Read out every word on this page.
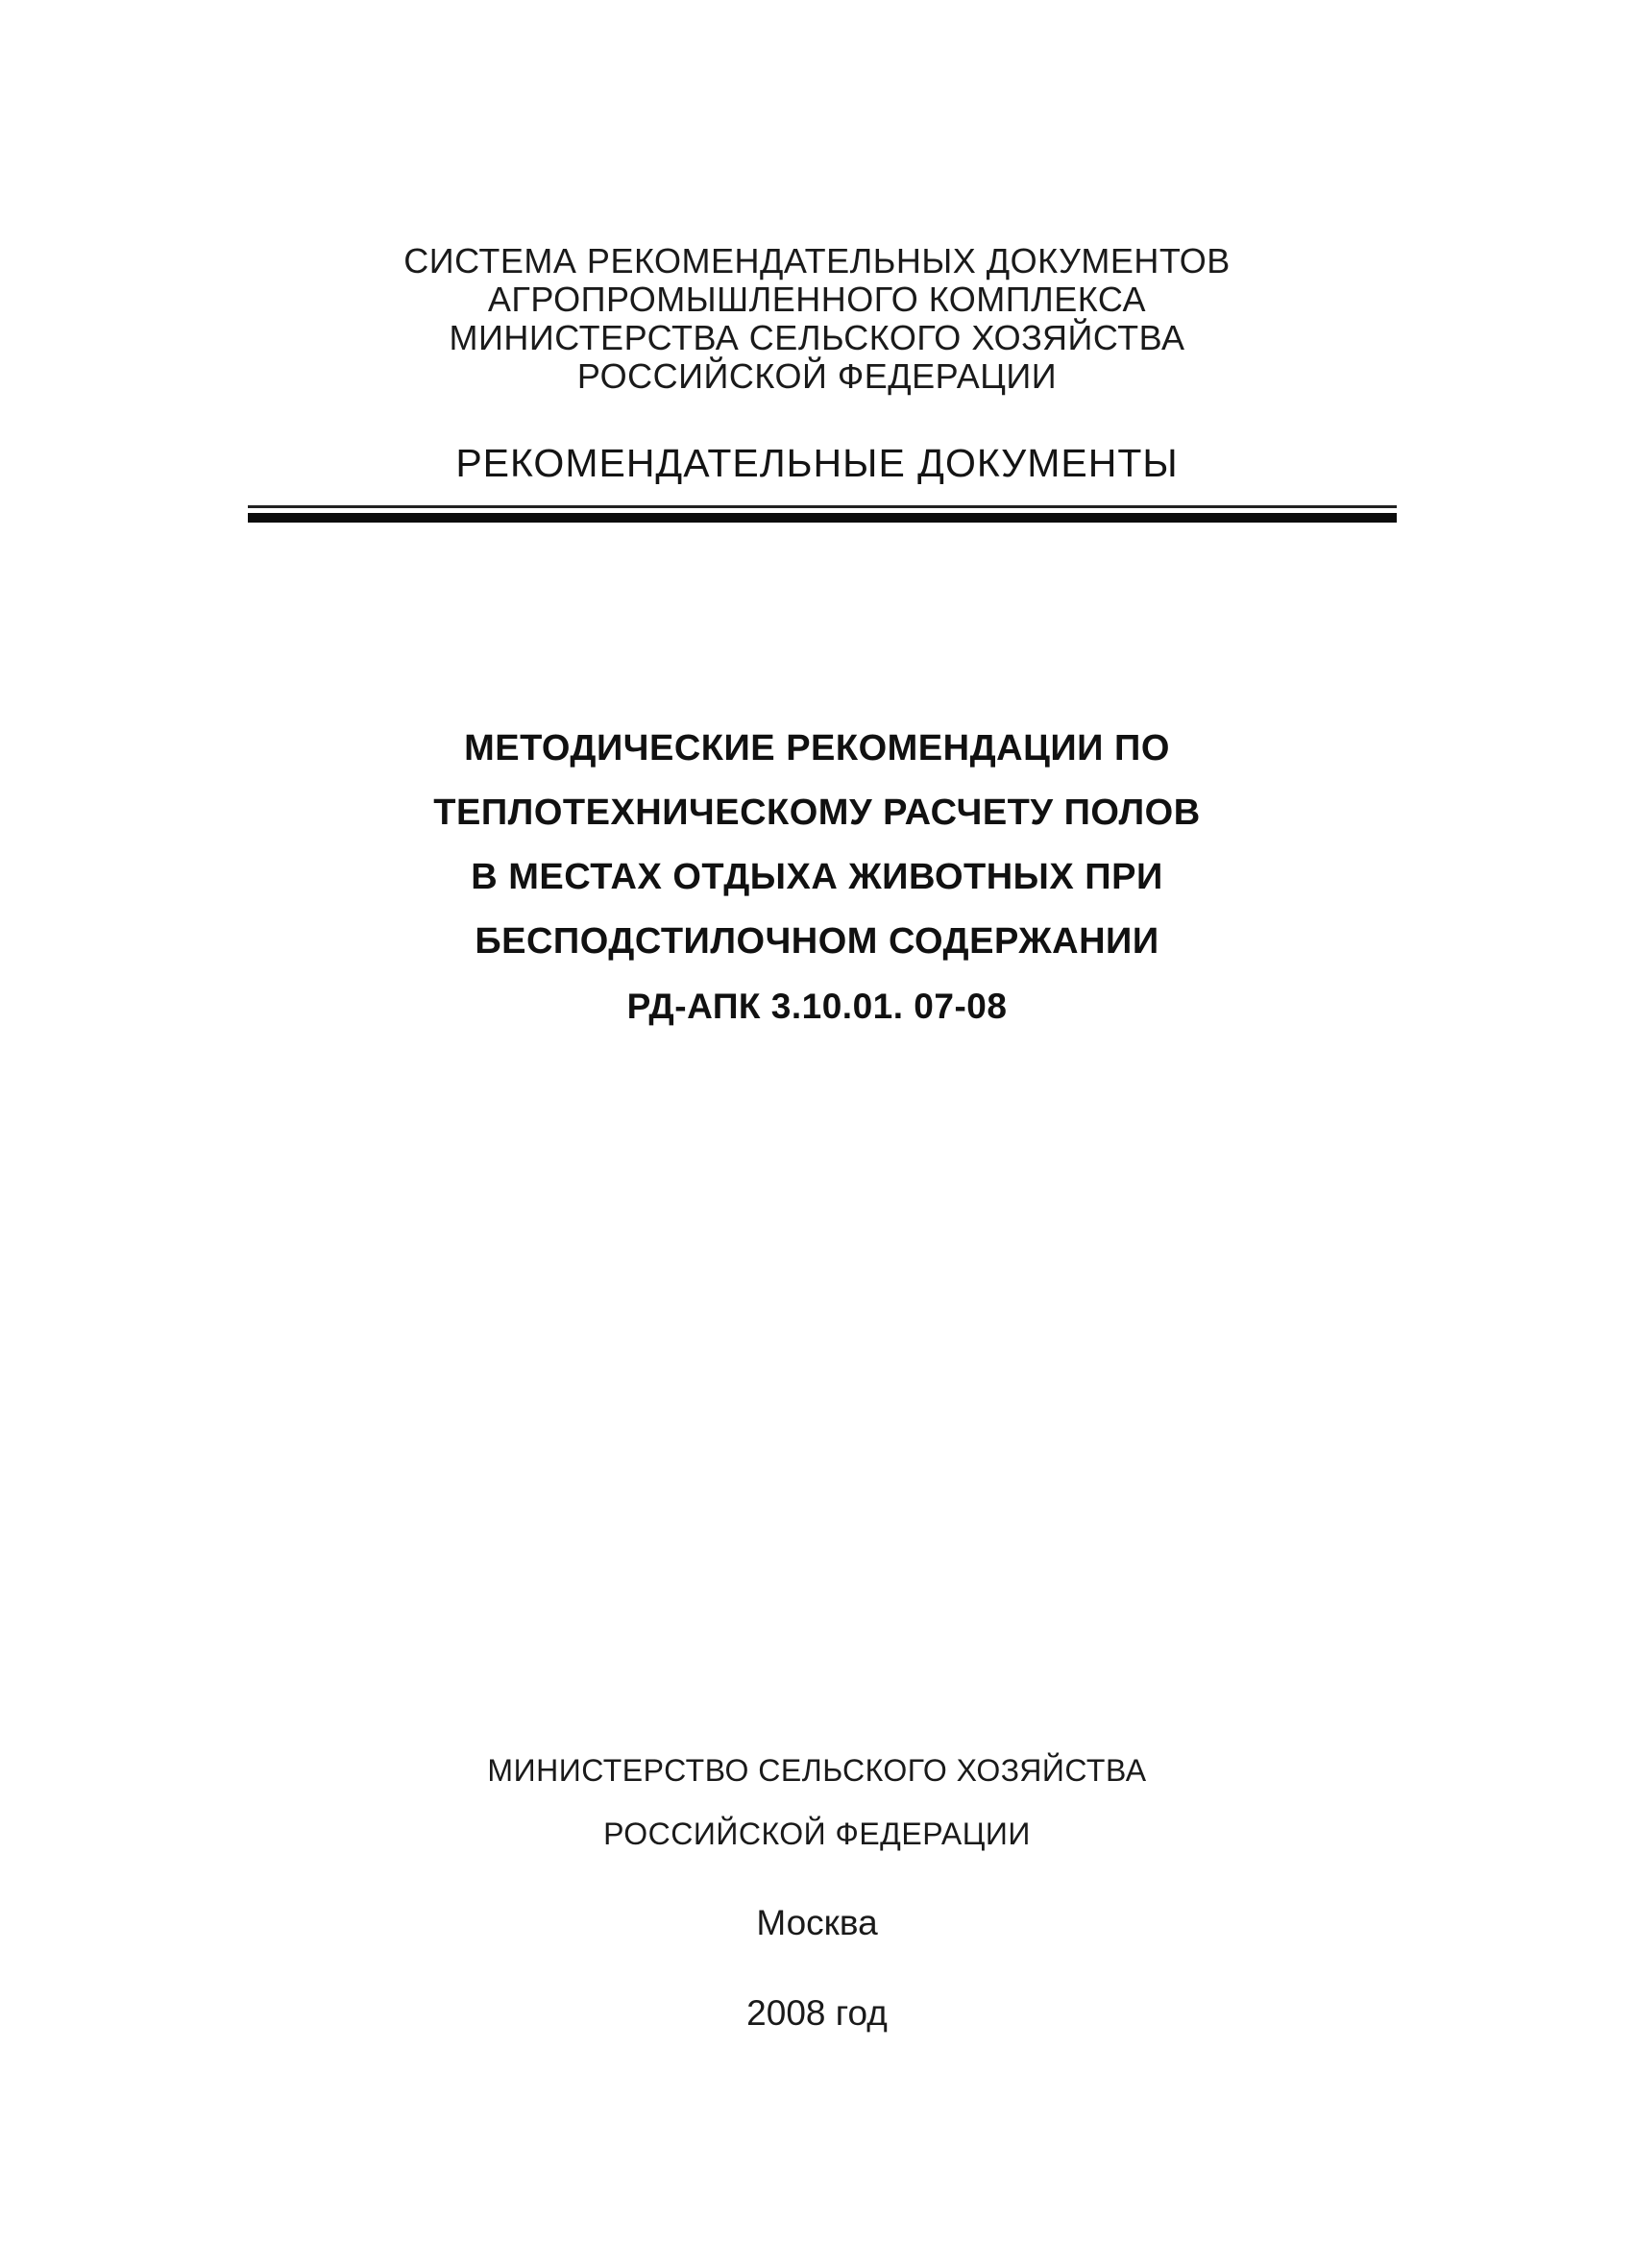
СИСТЕМА РЕКОМЕНДАТЕЛЬНЫХ ДОКУМЕНТОВ
АГРОПРОМЫШЛЕННОГО КОМПЛЕКСА
МИНИСТЕРСТВА СЕЛЬСКОГО ХОЗЯЙСТВА
РОССИЙСКОЙ ФЕДЕРАЦИИ
РЕКОМЕНДАТЕЛЬНЫЕ ДОКУМЕНТЫ
МЕТОДИЧЕСКИЕ РЕКОМЕНДАЦИИ ПО
ТЕПЛОТЕХНИЧЕСКОМУ РАСЧЕТУ ПОЛОВ
В МЕСТАХ ОТДЫХА ЖИВОТНЫХ ПРИ
БЕСПОДСТИЛОЧНОМ СОДЕРЖАНИИ
РД-АПК 3.10.01. 07-08
МИНИСТЕРСТВО СЕЛЬСКОГО ХОЗЯЙСТВА
РОССИЙСКОЙ ФЕДЕРАЦИИ
Москва
2008 год
